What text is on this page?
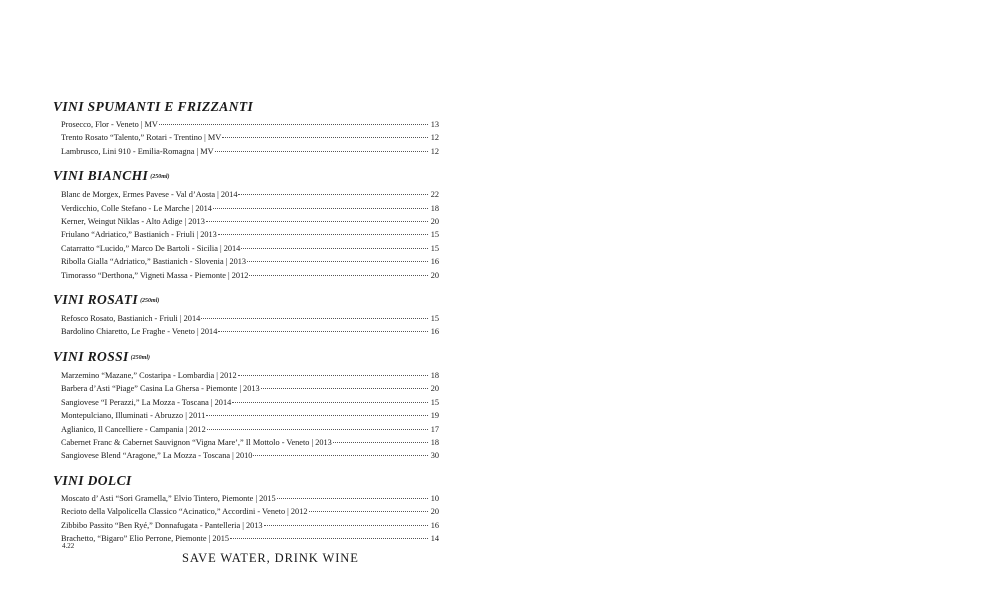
VINI SPUMANTI E FRIZZANTI
Prosecco, Flor - Veneto | MV	13
Trento Rosato “Talento,” Rotari - Trentino | MV	12
Lambrusco, Lini 910 - Emilia-Romagna | MV	12
VINI BIANCHI (250ml)
Blanc de Morgex, Ermes Pavese - Val d’Aosta | 2014	22
Verdicchio, Colle Stefano - Le Marche | 2014	18
Kerner, Weingut Niklas - Alto Adige | 2013	20
Friulano “Adriatico,” Bastianich - Friuli | 2013	15
Catarratto “Lucido,” Marco De Bartoli - Sicilia | 2014	15
Ribolla Gialla “Adriatico,” Bastianich - Slovenia | 2013	16
Timorasso “Derthona,” Vigneti Massa - Piemonte | 2012	20
VINI ROSATI (250ml)
Refosco Rosato, Bastianich - Friuli | 2014	15
Bardolino Chiaretto, Le Fraghe - Veneto | 2014	16
VINI ROSSI (250ml)
Marzemino “Mazane,” Costaripa - Lombardia | 2012	18
Barbera d’Asti “Piage” Casina La Ghersa - Piemonte | 2013	20
Sangiovese “I Perazzi,” La Mozza - Toscana | 2014	15
Montepulciano, Illuminati - Abruzzo | 2011	19
Aglianico, Il Cancelliere - Campania | 2012	17
Cabernet Franc & Cabernet Sauvignon “Vigna Mare’,” Il Mottolo - Veneto | 2013	18
Sangiovese Blend “Aragone,” La Mozza - Toscana | 2010	30
VINI DOLCI
Moscato d’ Asti “Sori Gramella,” Elvio Tintero, Piemonte | 2015	10
Recioto della Valpolicella Classico “Acinatico,” Accordini - Veneto | 2012	20
Zibbibo Passito “Ben Ryé,” Donnafugata - Pantelleria | 2013	16
Brachetto, “Bigaro” Elio Perrone, Piemonte | 2015	14
4.22
SAVE WATER, DRINK WINE
